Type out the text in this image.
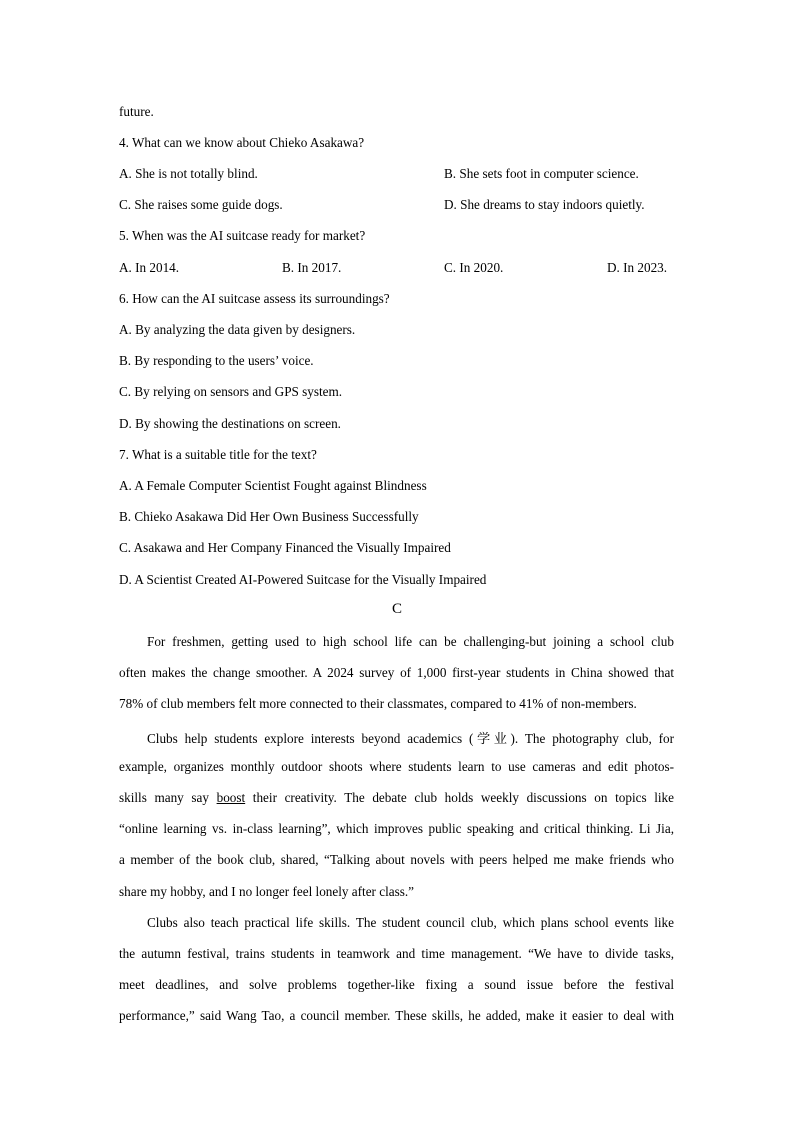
future.
4. What can we know about Chieko Asakawa?
A. She is not totally blind.	B. She sets foot in computer science.
C. She raises some guide dogs.	D. She dreams to stay indoors quietly.
5. When was the AI suitcase ready for market?
A. In 2014.	B. In 2017.	C. In 2020.	D. In 2023.
6. How can the AI suitcase assess its surroundings?
A. By analyzing the data given by designers.
B. By responding to the users’ voice.
C. By relying on sensors and GPS system.
D. By showing the destinations on screen.
7. What is a suitable title for the text?
A. A Female Computer Scientist Fought against Blindness
B. Chieko Asakawa Did Her Own Business Successfully
C. Asakawa and Her Company Financed the Visually Impaired
D. A Scientist Created AI-Powered Suitcase for the Visually Impaired
C
For freshmen, getting used to high school life can be challenging-but joining a school club
often makes the change smoother. A 2024 survey of 1,000 first-year students in China showed that
78% of club members felt more connected to their classmates, compared to 41% of non-members.
Clubs help students explore interests beyond academics (学业). The photography club, for
example, organizes monthly outdoor shoots where students learn to use cameras and edit photos-
skills many say boost their creativity. The debate club holds weekly discussions on topics like
“online learning vs. in-class learning”, which improves public speaking and critical thinking. Li Jia,
a member of the book club, shared, “Talking about novels with peers helped me make friends who
share my hobby, and I no longer feel lonely after class.”
Clubs also teach practical life skills. The student council club, which plans school events like
the autumn festival, trains students in teamwork and time management. “We have to divide tasks,
meet deadlines, and solve problems together-like fixing a sound issue before the festival
performance,” said Wang Tao, a council member. These skills, he added, make it easier to deal with
